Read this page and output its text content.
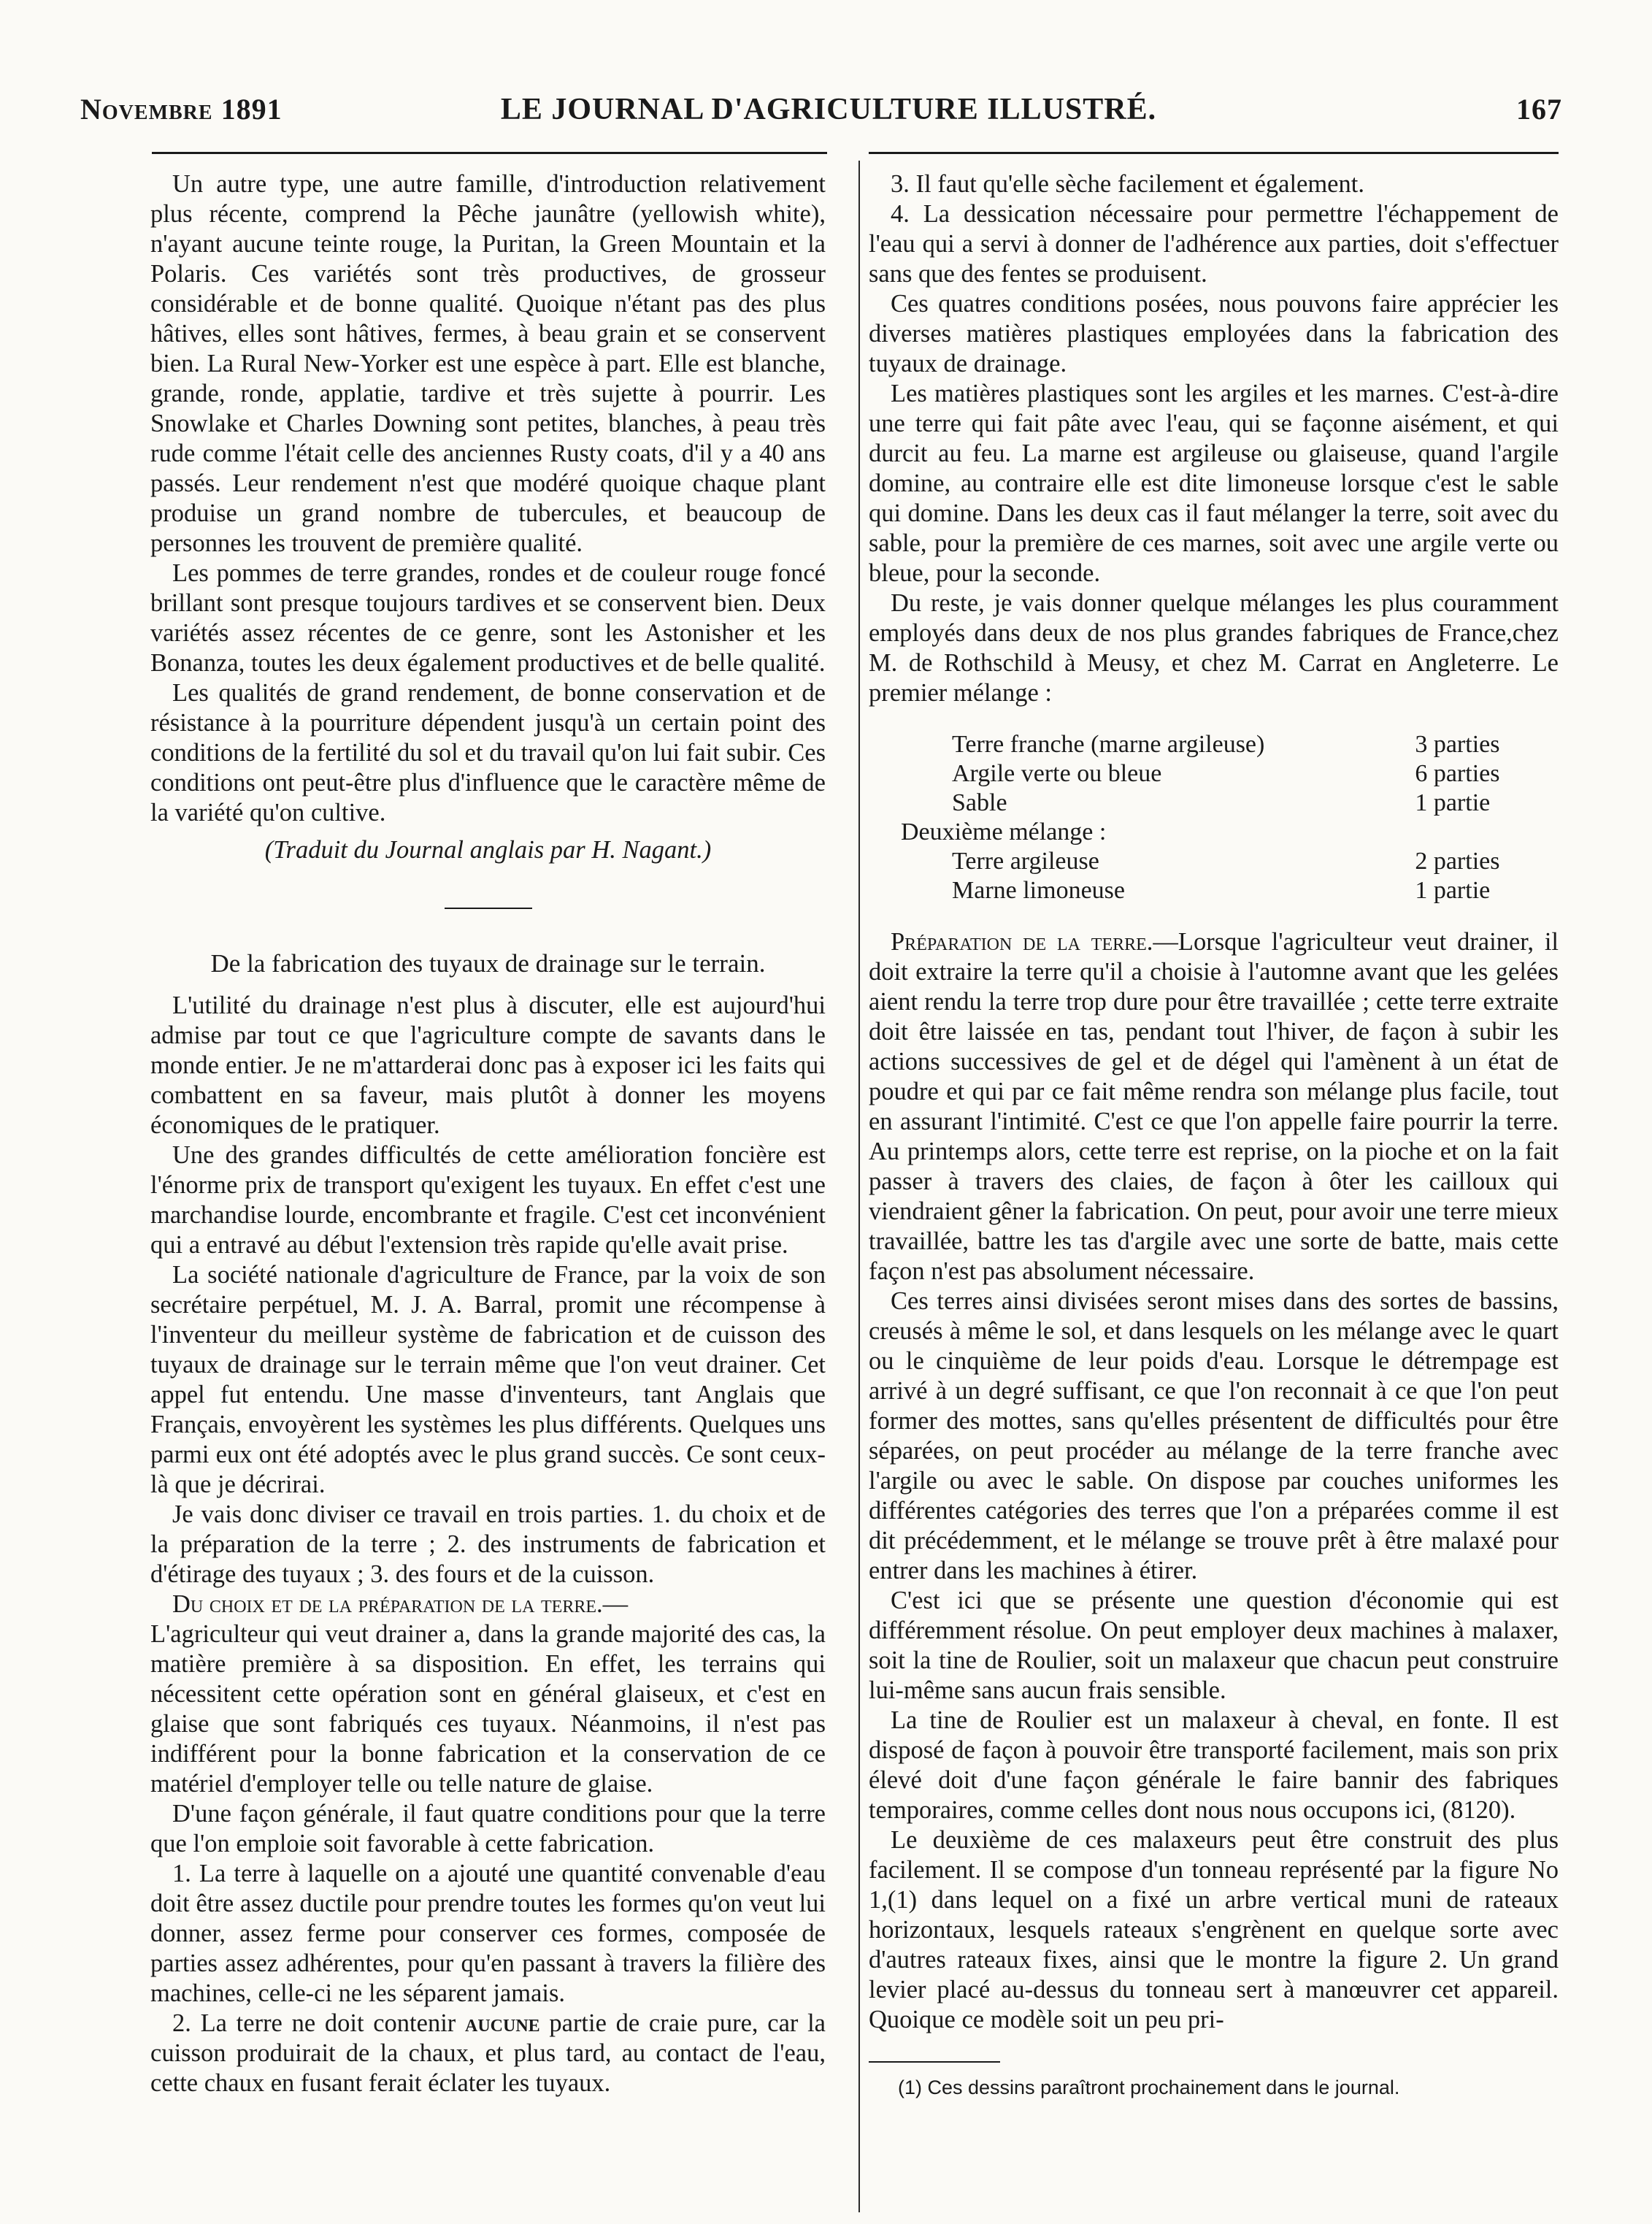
Novembre 1891	LE JOURNAL D'AGRICULTURE ILLUSTRÉ.	167

Un autre type, une autre famille, d'introduction relativement plus récente, comprend la Pêche jaunâtre (yellowish white), n'ayant aucune teinte rouge, la Puritan, la Green Mountain et la Polaris. Ces variétés sont très productives, de grosseur considérable et de bonne qualité. Quoique n'étant pas des plus hâtives, elles sont hâtives, fermes, à beau grain et se conservent bien. La Rural New-Yorker est une espèce à part. Elle est blanche, grande, ronde, applatie, tardive et très sujette à pourrir. Les Snowlake et Charles Downing sont petites, blanches, à peau très rude comme l'était celle des anciennes Rusty coats, d'il y a 40 ans passés. Leur rendement n'est que modéré quoique chaque plant produise un grand nombre de tubercules, et beaucoup de personnes les trouvent de première qualité.

Les pommes de terre grandes, rondes et de couleur rouge foncé brillant sont presque toujours tardives et se conservent bien. Deux variétés assez récentes de ce genre, sont les Astonisher et les Bonanza, toutes les deux également productives et de belle qualité.

Les qualités de grand rendement, de bonne conservation et de résistance à la pourriture dépendent jusqu'à un certain point des conditions de la fertilité du sol et du travail qu'on lui fait subir. Ces conditions ont peut-être plus d'influence que le caractère même de la variété qu'on cultive.

(Traduit du Journal anglais par H. Nagant.)

De la fabrication des tuyaux de drainage sur le terrain.

L'utilité du drainage n'est plus à discuter, elle est aujourd'hui admise par tout ce que l'agriculture compte de savants dans le monde entier. Je ne m'attarderai donc pas à exposer ici les faits qui combattent en sa faveur, mais plutôt à donner les moyens économiques de le pratiquer.

Une des grandes difficultés de cette amélioration foncière est l'énorme prix de transport qu'exigent les tuyaux. En effet c'est une marchandise lourde, encombrante et fragile. C'est cet inconvénient qui a entravé au début l'extension très rapide qu'elle avait prise.

La société nationale d'agriculture de France, par la voix de son secrétaire perpétuel, M. J. A. Barral, promit une récompense à l'inventeur du meilleur système de fabrication et de cuisson des tuyaux de drainage sur le terrain même que l'on veut drainer. Cet appel fut entendu. Une masse d'inventeurs, tant Anglais que Français, envoyèrent les systèmes les plus différents. Quelques uns parmi eux ont été adoptés avec le plus grand succès. Ce sont ceux-là que je décrirai.

Je vais donc diviser ce travail en trois parties. 1. du choix et de la préparation de la terre ; 2. des instruments de fabrication et d'étirage des tuyaux ; 3. des fours et de la cuisson.

Du choix et de la préparation de la terre.—

L'agriculteur qui veut drainer a, dans la grande majorité des cas, la matière première à sa disposition. En effet, les terrains qui nécessitent cette opération sont en général glaiseux, et c'est en glaise que sont fabriqués ces tuyaux. Néanmoins, il n'est pas indifférent pour la bonne fabrication et la conservation de ce matériel d'employer telle ou telle nature de glaise.

D'une façon générale, il faut quatre conditions pour que la terre que l'on emploie soit favorable à cette fabrication.

1. La terre à laquelle on a ajouté une quantité convenable d'eau doit être assez ductile pour prendre toutes les formes qu'on veut lui donner, assez ferme pour conserver ces formes, composée de parties assez adhérentes, pour qu'en passant à travers la filière des machines, celle-ci ne les séparent jamais.

2. La terre ne doit contenir aucune partie de craie pure, car la cuisson produirait de la chaux, et plus tard, au contact de l'eau, cette chaux en fusant ferait éclater les tuyaux.

3. Il faut qu'elle sèche facilement et également.

4. La dessication nécessaire pour permettre l'échappement de l'eau qui a servi à donner de l'adhérence aux parties, doit s'effectuer sans que des fentes se produisent.

Ces quatres conditions posées, nous pouvons faire apprécier les diverses matières plastiques employées dans la fabrication des tuyaux de drainage.

Les matières plastiques sont les argiles et les marnes. C'est-à-dire une terre qui fait pâte avec l'eau, qui se façonne aisément, et qui durcit au feu. La marne est argileuse ou glaiseuse, quand l'argile domine, au contraire elle est dite limoneuse lorsque c'est le sable qui domine. Dans les deux cas il faut mélanger la terre, soit avec du sable, pour la première de ces marnes, soit avec une argile verte ou bleue, pour la seconde.

Du reste, je vais donner quelque mélanges les plus couramment employés dans deux de nos plus grandes fabriques de France,chez M. de Rothschild à Meusy, et chez M. Carrat en Angleterre. Le premier mélange :

Terre franche (marne argileuse)	3 parties
Argile verte ou bleue	6 parties
Sable	1 partie
Deuxième mélange :	
Terre argileuse	2 parties
Marne limoneuse	1 partie

Préparation de la terre.—Lorsque l'agriculteur veut drainer, il doit extraire la terre qu'il a choisie à l'automne avant que les gelées aient rendu la terre trop dure pour être travaillée ; cette terre extraite doit être laissée en tas, pendant tout l'hiver, de façon à subir les actions successives de gel et de dégel qui l'amènent à un état de poudre et qui par ce fait même rendra son mélange plus facile, tout en assurant l'intimité. C'est ce que l'on appelle faire pourrir la terre. Au printemps alors, cette terre est reprise, on la pioche et on la fait passer à travers des claies, de façon à ôter les cailloux qui viendraient gêner la fabrication. On peut, pour avoir une terre mieux travaillée, battre les tas d'argile avec une sorte de batte, mais cette façon n'est pas absolument nécessaire.

Ces terres ainsi divisées seront mises dans des sortes de bassins, creusés à même le sol, et dans lesquels on les mélange avec le quart ou le cinquième de leur poids d'eau. Lorsque le détrempage est arrivé à un degré suffisant, ce que l'on reconnait à ce que l'on peut former des mottes, sans qu'elles présentent de difficultés pour être séparées, on peut procéder au mélange de la terre franche avec l'argile ou avec le sable. On dispose par couches uniformes les différentes catégories des terres que l'on a préparées comme il est dit précédemment, et le mélange se trouve prêt à être malaxé pour entrer dans les machines à étirer.

C'est ici que se présente une question d'économie qui est différemment résolue. On peut employer deux machines à malaxer, soit la tine de Roulier, soit un malaxeur que chacun peut construire lui-même sans aucun frais sensible.

La tine de Roulier est un malaxeur à cheval, en fonte. Il est disposé de façon à pouvoir être transporté facilement, mais son prix élevé doit d'une façon générale le faire bannir des fabriques temporaires, comme celles dont nous nous occupons ici, (8120).

Le deuxième de ces malaxeurs peut être construit des plus facilement. Il se compose d'un tonneau représenté par la figure No 1,(1) dans lequel on a fixé un arbre vertical muni de rateaux horizontaux, lesquels rateaux s'engrènent en quelque sorte avec d'autres rateaux fixes, ainsi que le montre la figure 2. Un grand levier placé au-dessus du tonneau sert à manœuvrer cet appareil. Quoique ce modèle soit un peu pri-

(1) Ces dessins paraîtront prochainement dans le journal.
